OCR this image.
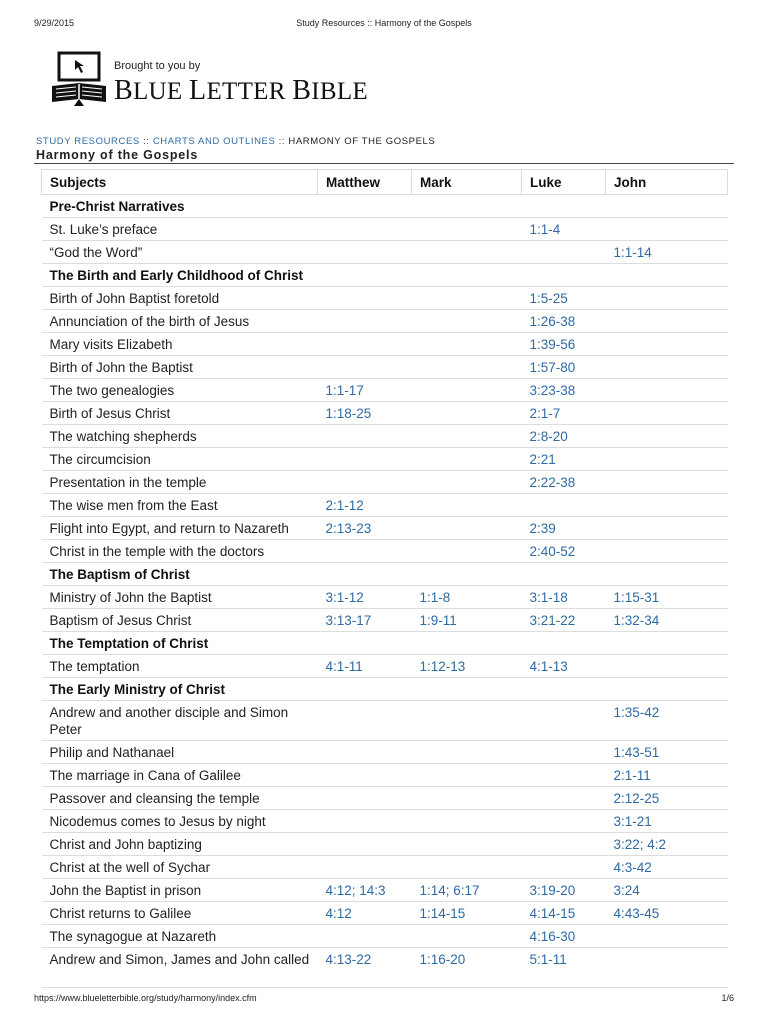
9/29/2015	Study Resources :: Harmony of the Gospels
Brought to you by
BLUE LETTER BIBLE
STUDY RESOURCES :: CHARTS AND OUTLINES :: HARMONY OF THE GOSPELS
Harmony of the Gospels
Subjects	Matthew	Mark	Luke	John
Pre-Christ Narratives				
St. Luke’s preface			1:1-4	
“God the Word”				1:1-14
The Birth and Early Childhood of Christ				
Birth of John Baptist foretold			1:5-25	
Annunciation of the birth of Jesus			1:26-38	
Mary visits Elizabeth			1:39-56	
Birth of John the Baptist			1:57-80	
The two genealogies	1:1-17		3:23-38	
Birth of Jesus Christ	1:18-25		2:1-7	
The watching shepherds			2:8-20	
The circumcision			2:21	
Presentation in the temple			2:22-38	
The wise men from the East	2:1-12			
Flight into Egypt, and return to Nazareth	2:13-23		2:39	
Christ in the temple with the doctors			2:40-52	
The Baptism of Christ				
Ministry of John the Baptist	3:1-12	1:1-8	3:1-18	1:15-31
Baptism of Jesus Christ	3:13-17	1:9-11	3:21-22	1:32-34
The Temptation of Christ				
The temptation	4:1-11	1:12-13	4:1-13	
The Early Ministry of Christ				
Andrew and another disciple and Simon Peter				1:35-42
Philip and Nathanael				1:43-51
The marriage in Cana of Galilee				2:1-11
Passover and cleansing the temple				2:12-25
Nicodemus comes to Jesus by night				3:1-21
Christ and John baptizing				3:22; 4:2
Christ at the well of Sychar				4:3-42
John the Baptist in prison	4:12; 14:3	1:14; 6:17	3:19-20	3:24
Christ returns to Galilee	4:12	1:14-15	4:14-15	4:43-45
The synagogue at Nazareth			4:16-30	
Andrew and Simon, James and John called	4:13-22	1:16-20	5:1-11	
https://www.blueletterbible.org/study/harmony/index.cfm	1/6
